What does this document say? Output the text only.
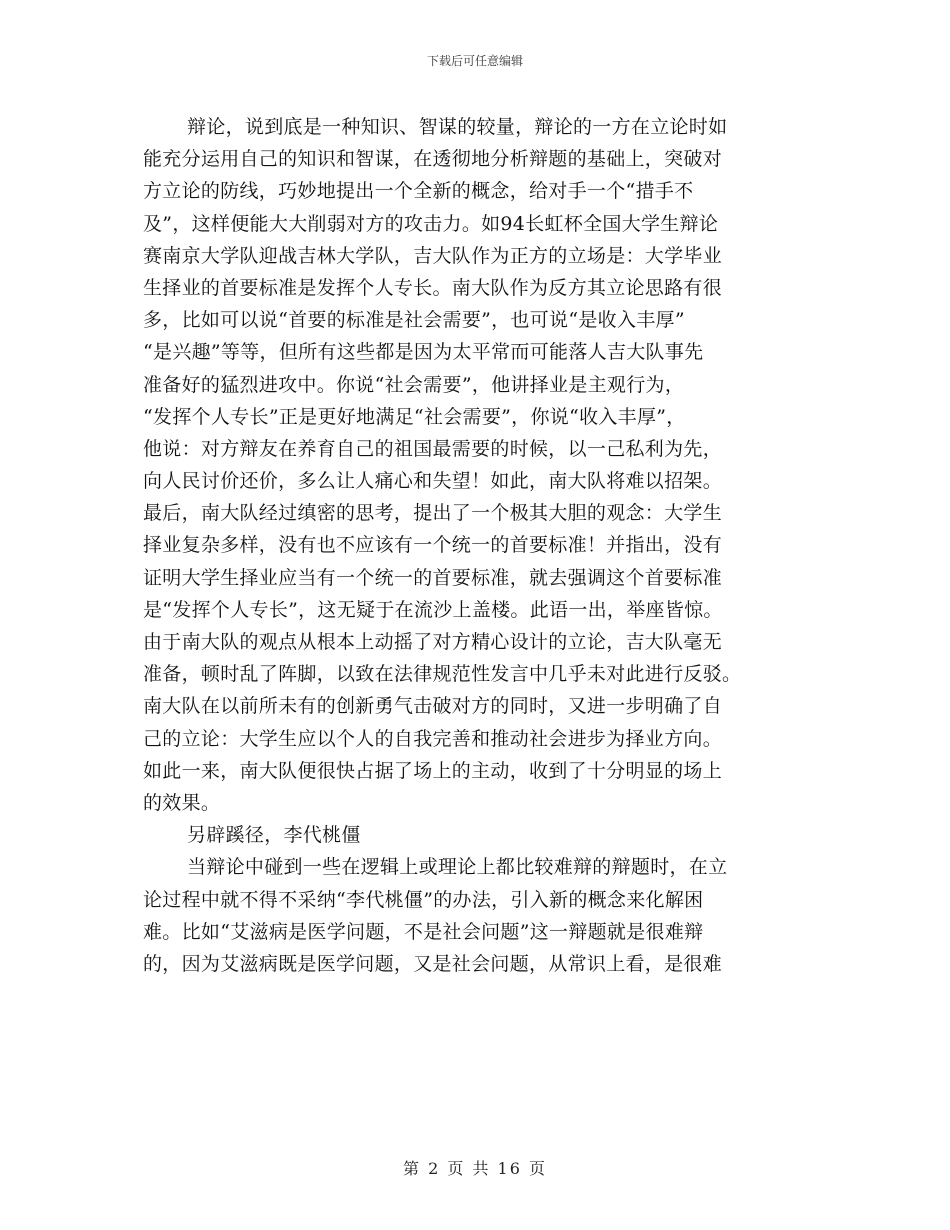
下载后可任意编辑
辩论，说到底是一种知识、智谋的较量，辩论的一方在立论时如
能充分运用自己的知识和智谋，在透彻地分析辩题的基础上，突破对
方立论的防线，巧妙地提出一个全新的概念，给对手一个“措手不
及”，这样便能大大削弱对方的攻击力。如94长虹杯全国大学生辩论
赛南京大学队迎战吉林大学队，吉大队作为正方的立场是：大学毕业
生择业的首要标准是发挥个人专长。南大队作为反方其立论思路有很
多，比如可以说“首要的标准是社会需要”，也可说“是收入丰厚”
“是兴趣”等等，但所有这些都是因为太平常而可能落人吉大队事先
准备好的猛烈进攻中。你说“社会需要”，他讲择业是主观行为，
“发挥个人专长”正是更好地满足“社会需要”，你说“收入丰厚”，
他说：对方辩友在养育自己的祖国最需要的时候，以一己私利为先，
向人民讨价还价，多么让人痛心和失望！如此，南大队将难以招架。
最后，南大队经过缜密的思考，提出了一个极其大胆的观念：大学生
择业复杂多样，没有也不应该有一个统一的首要标准！并指出，没有
证明大学生择业应当有一个统一的首要标准，就去强调这个首要标准
是“发挥个人专长”，这无疑于在流沙上盖楼。此语一出，举座皆惊。
由于南大队的观点从根本上动摇了对方精心设计的立论，吉大队毫无
准备，顿时乱了阵脚，以致在法律规范性发言中几乎未对此进行反驳。
南大队在以前所未有的创新勇气击破对方的同时，又进一步明确了自
己的立论：大学生应以个人的自我完善和推动社会进步为择业方向。
如此一来，南大队便很快占据了场上的主动，收到了十分明显的场上
的效果。
另辟蹊径，李代桃僵
当辩论中碰到一些在逻辑上或理论上都比较难辩的辩题时，在立
论过程中就不得不采纳“李代桃僵”的办法，引入新的概念来化解困
难。比如“艾滋病是医学问题，不是社会问题”这一辩题就是很难辩
的，因为艾滋病既是医学问题，又是社会问题，从常识上看，是很难
第 2 页 共 16 页
